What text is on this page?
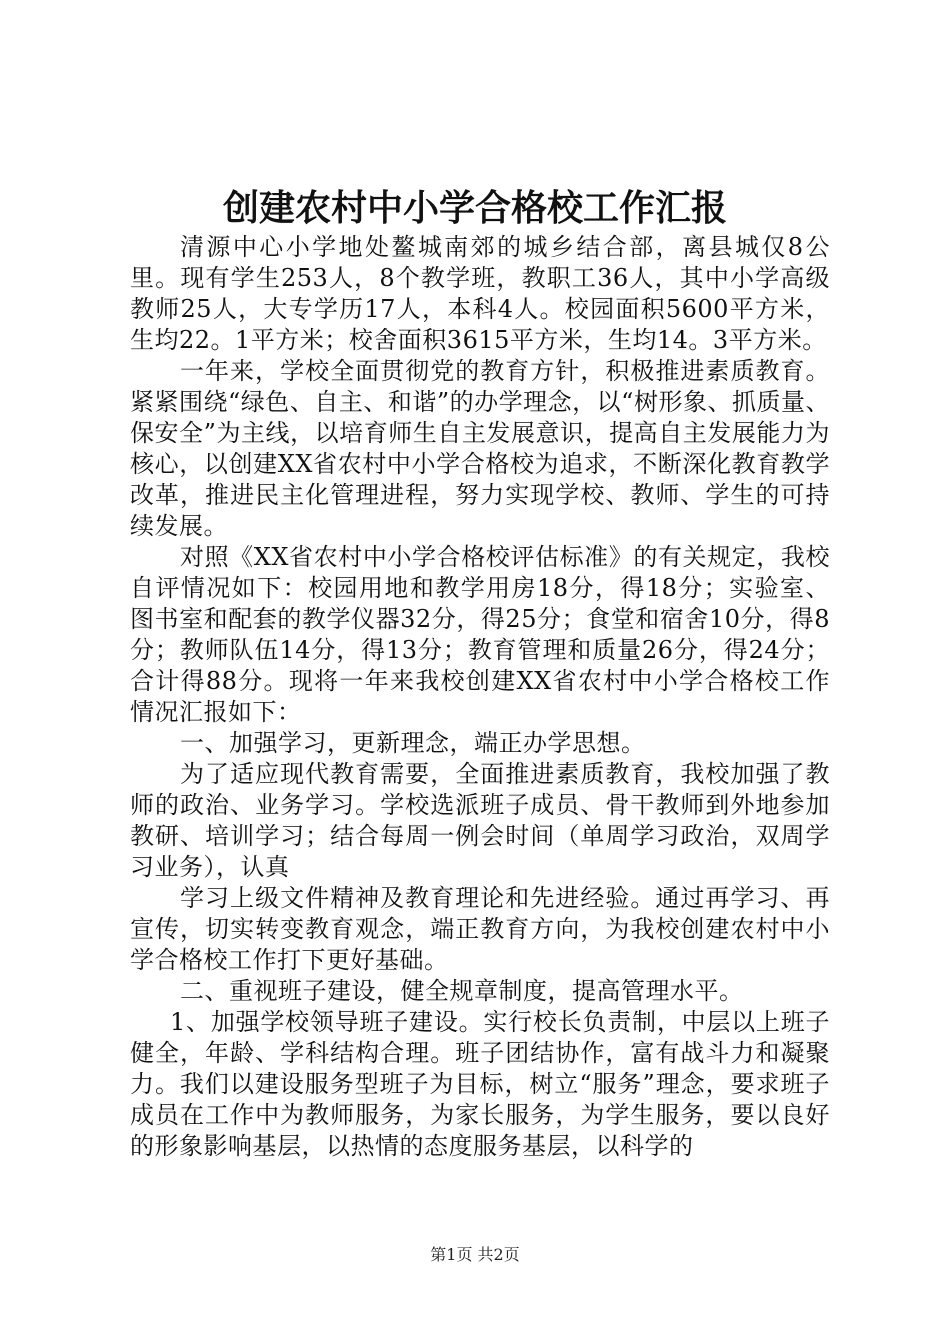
创建农村中小学合格校工作汇报

清源中心小学地处鳌城南郊的城乡结合部，离县城仅8公里。现有学生253人，8个教学班，教职工36人，其中小学高级教师25人，大专学历17人，本科4人。校园面积5600平方米，生均22。1平方米；校舍面积3615平方米，生均14。3平方米。

一年来，学校全面贯彻党的教育方针，积极推进素质教育。紧紧围绕“绿色、自主、和谐”的办学理念，以“树形象、抓质量、保安全”为主线，以培育师生自主发展意识，提高自主发展能力为核心，以创建XX省农村中小学合格校为追求，不断深化教育教学改革，推进民主化管理进程，努力实现学校、教师、学生的可持续发展。

对照《XX省农村中小学合格校评估标准》的有关规定，我校自评情况如下：校园用地和教学用房18分，得18分；实验室、图书室和配套的教学仪器32分，得25分；食堂和宿舍10分，得8分；教师队伍14分，得13分；教育管理和质量26分，得24分；合计得88分。现将一年来我校创建XX省农村中小学合格校工作情况汇报如下：

一、加强学习，更新理念，端正办学思想。

为了适应现代教育需要，全面推进素质教育，我校加强了教师的政治、业务学习。学校选派班子成员、骨干教师到外地参加教研、培训学习；结合每周一例会时间（单周学习政治，双周学习业务），认真

学习上级文件精神及教育理论和先进经验。通过再学习、再宣传，切实转变教育观念，端正教育方向，为我校创建农村中小学合格校工作打下更好基础。

二、重视班子建设，健全规章制度，提高管理水平。

1、加强学校领导班子建设。实行校长负责制，中层以上班子健全，年龄、学科结构合理。班子团结协作，富有战斗力和凝聚力。我们以建设服务型班子为目标，树立“服务”理念，要求班子成员在工作中为教师服务，为家长服务，为学生服务，要以良好的形象影响基层，以热情的态度服务基层，以科学的

第1页 共2页
